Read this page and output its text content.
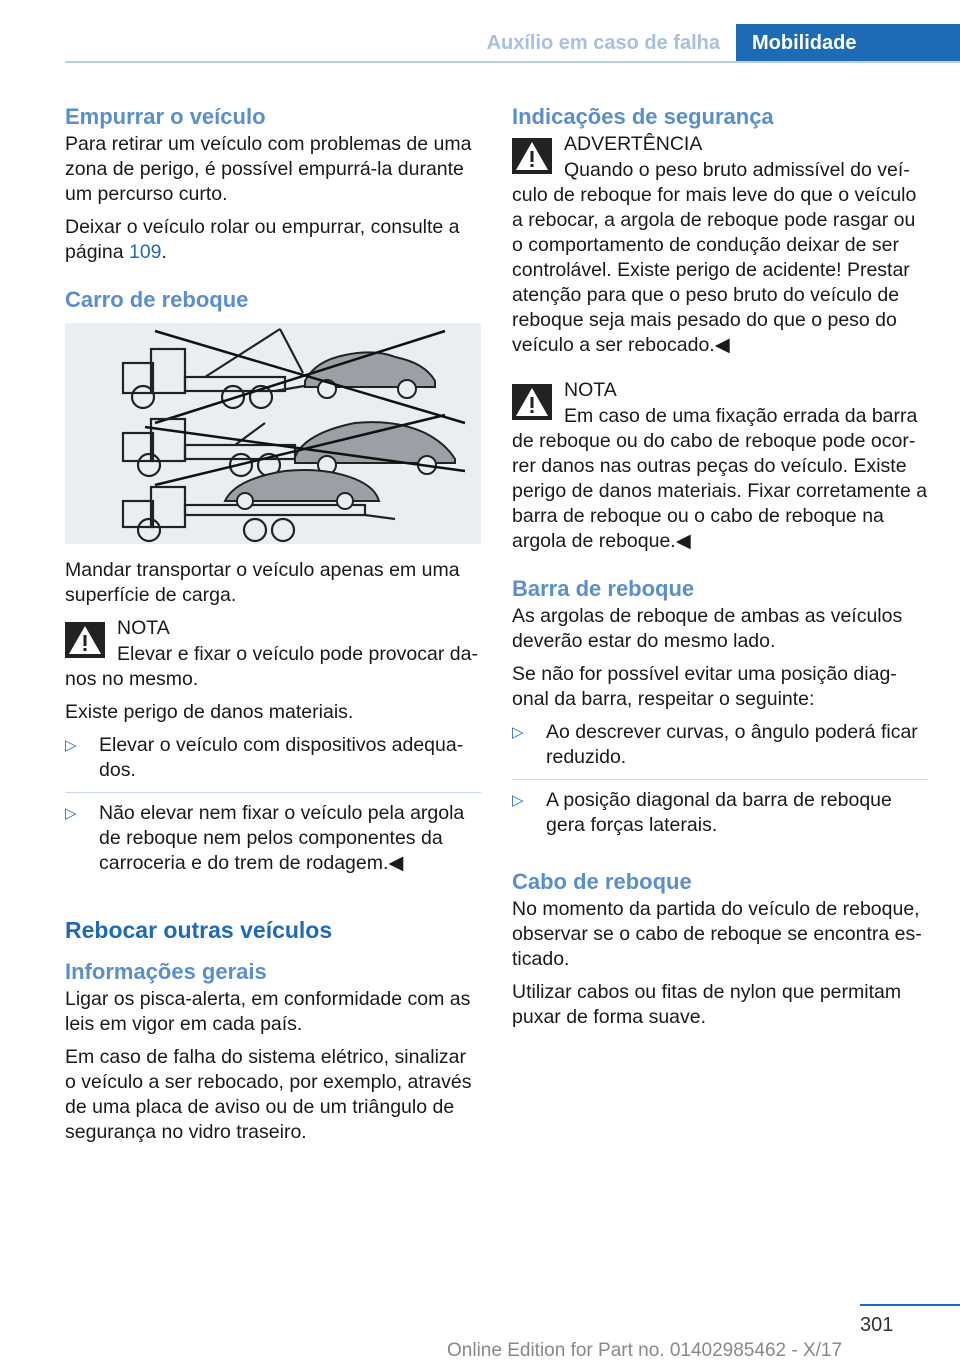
Auxílio em caso de falha	Mobilidade
Empurrar o veículo

Para retirar um veículo com problemas de uma zona de perigo, é possível empurrá-la durante um percurso curto.

Deixar o veículo rolar ou empurrar, consulte a página 109.

Carro de reboque

Mandar transportar o veículo apenas em uma superfície de carga.

NOTA
Elevar e fixar o veículo pode provocar da-
nos no mesmo.

Existe perigo de danos materiais.

▷ Elevar o veículo com dispositivos adequa-dos.
▷ Não elevar nem fixar o veículo pela argola de reboque nem pelos componentes da carroceria e do trem de rodagem.◀
Rebocar outras veículos
Informações gerais

Ligar os pisca-alerta, em conformidade com as leis em vigor em cada país.

Em caso de falha do sistema elétrico, sinalizar o veículo a ser rebocado, por exemplo, através de uma placa de aviso ou de um triângulo de segurança no vidro traseiro.

Indicações de segurança
ADVERTÊNCIA
Quando o peso bruto admissível do veí-
culo de reboque for mais leve do que o veículo a rebocar, a argola de reboque pode rasgar ou o comportamento de condução deixar de ser controlável. Existe perigo de acidente! Prestar atenção para que o peso bruto do veículo de reboque seja mais pesado do que o peso do veículo a ser rebocado.◀
NOTA
Em caso de uma fixação errada da barra
de reboque ou do cabo de reboque pode ocor-rer danos nas outras peças do veículo. Existe perigo de danos materiais. Fixar corretamente a barra de reboque ou o cabo de reboque na argola de reboque.◀
Barra de reboque

As argolas de reboque de ambas as veículos deverão estar do mesmo lado.

Se não for possível evitar uma posição diag-onal da barra, respeitar o seguinte:

▷ Ao descrever curvas, o ângulo poderá ficar reduzido.
▷ A posição diagonal da barra de reboque gera forças laterais.
Cabo de reboque

No momento da partida do veículo de reboque, observar se o cabo de reboque se encontra es-ticado.

Utilizar cabos ou fitas de nylon que permitam puxar de forma suave.

301
Online Edition for Part no. 01402985462 - X/17
